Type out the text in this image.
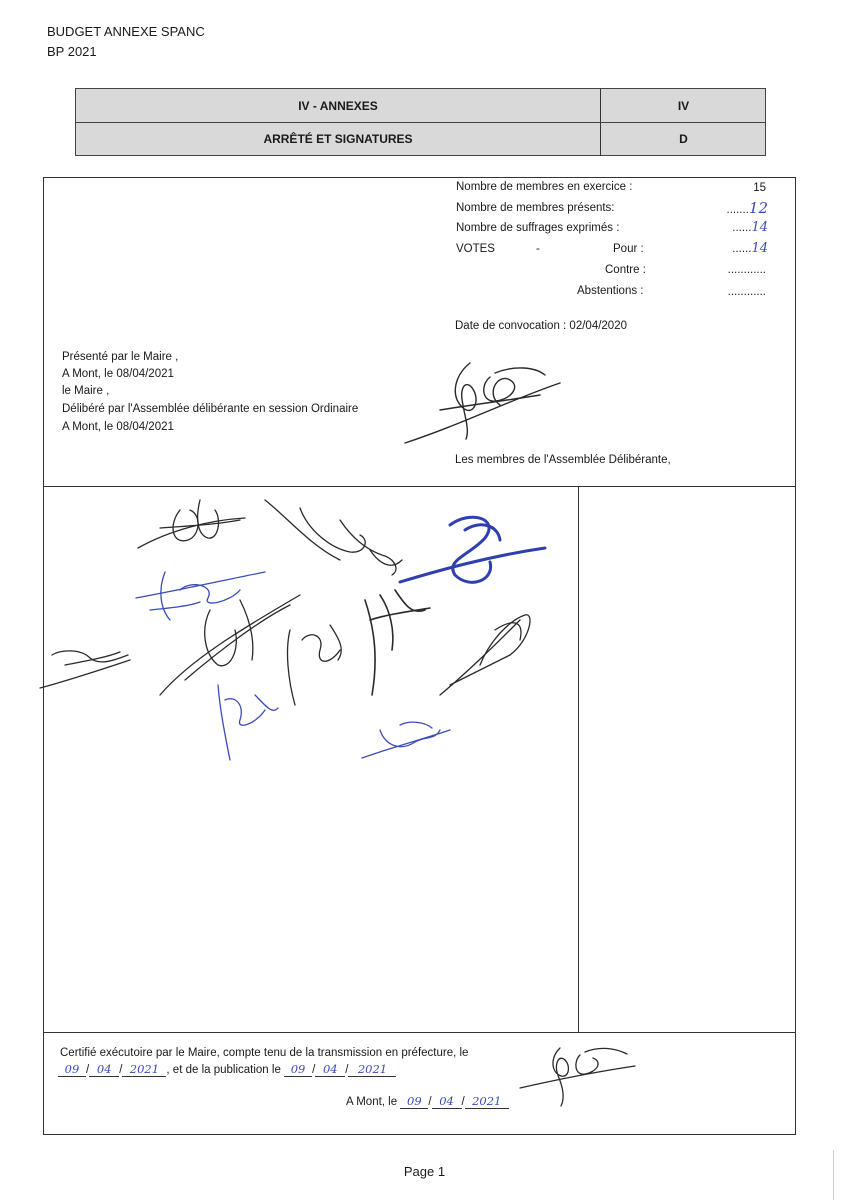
BUDGET ANNEXE SPANC
BP 2021
IV - ANNEXES	IV
ARRÊTÉ ET SIGNATURES	D
Nombre de membres en exercice :	15
Nombre de membres présents:	.......12
Nombre de suffrages exprimés :	......14
VOTES	-	Pour :	......14
Contre :	............
Abstentions :	............
Date de convocation : 02/04/2020
Présenté par le Maire ,
A Mont, le 08/04/2021
le Maire ,
Délibéré par l'Assemblée délibérante en session Ordinaire
A Mont, le 08/04/2021
Les membres de l'Assemblée Délibérante,
Certifié exécutoire par le Maire, compte tenu de la transmission en préfecture, le
09 / 04 / 2021 , et de la publication le 09 / 04 / 2021
A Mont, le 09 / 04 / 2021
Page 1
